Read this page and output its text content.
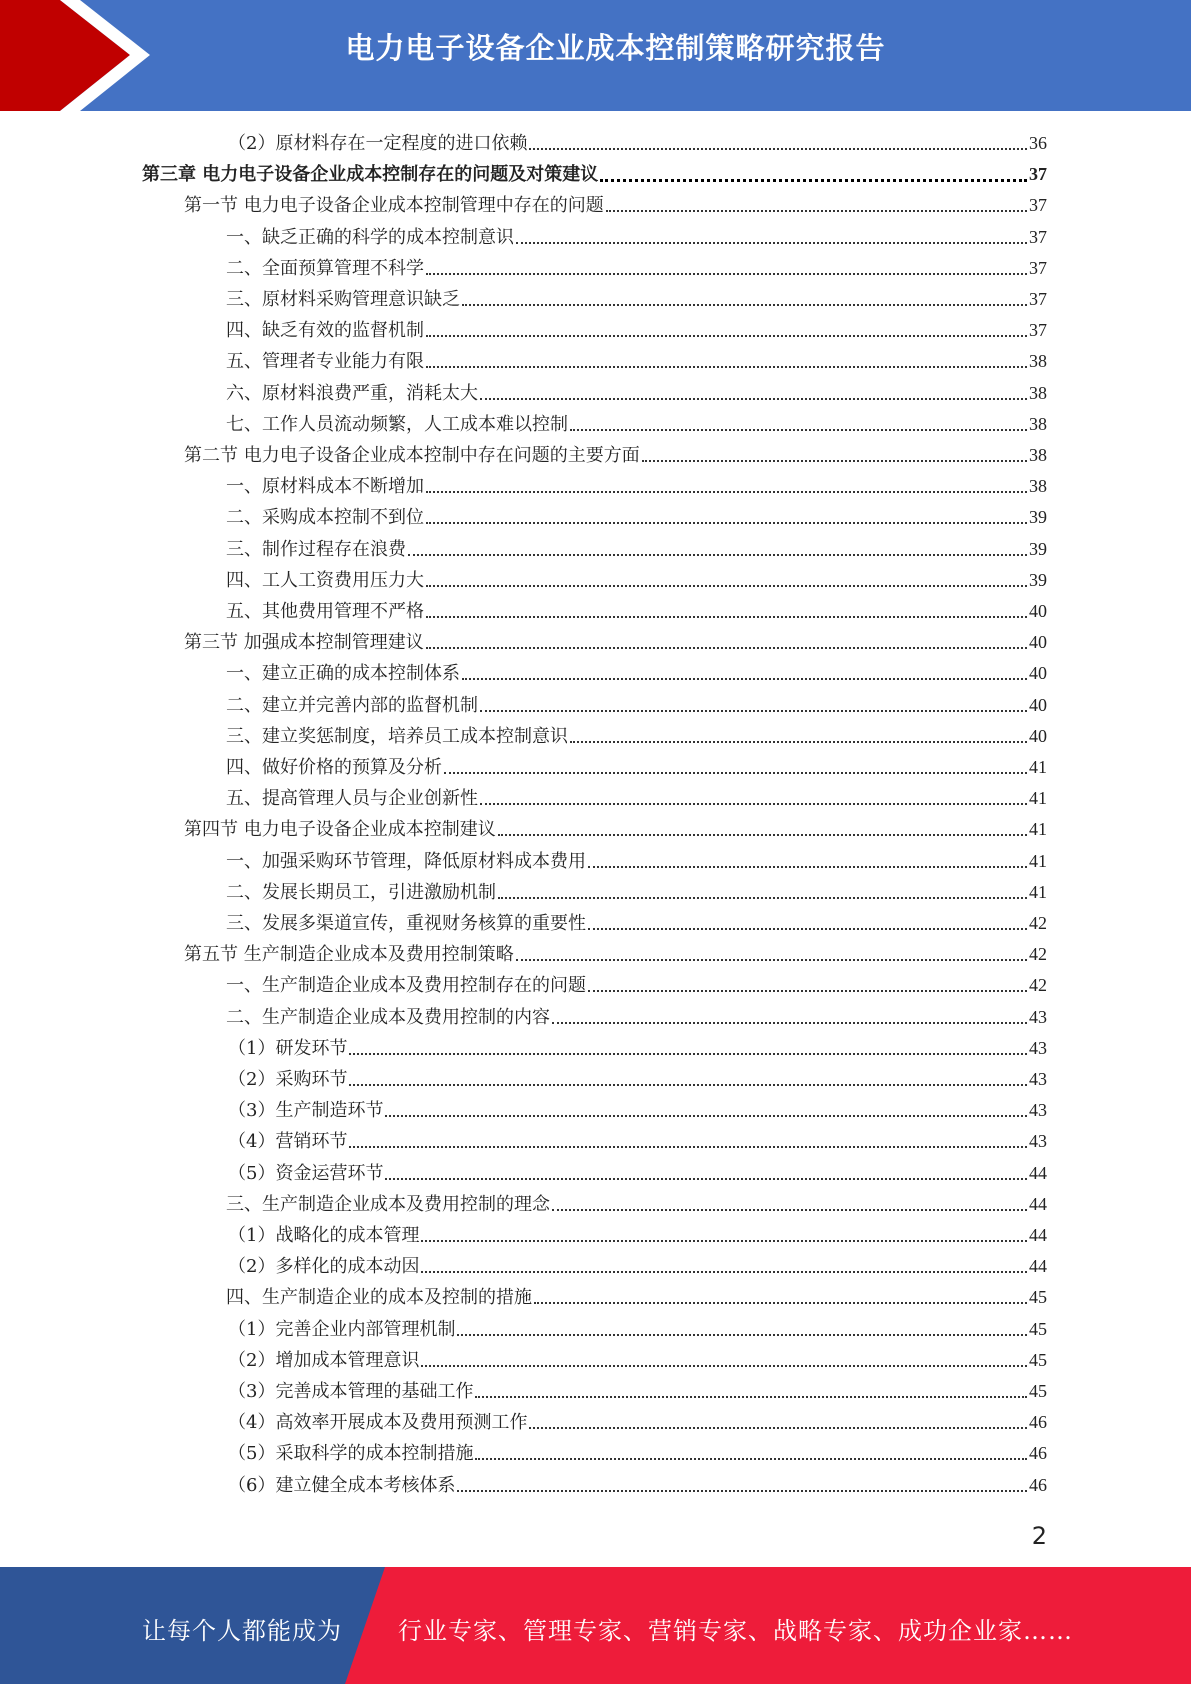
电力电子设备企业成本控制策略研究报告
（2）原材料存在一定程度的进口依赖	36
第三章 电力电子设备企业成本控制存在的问题及对策建议	37
第一节 电力电子设备企业成本控制管理中存在的问题	37
一、缺乏正确的科学的成本控制意识	37
二、全面预算管理不科学	37
三、原材料采购管理意识缺乏	37
四、缺乏有效的监督机制	37
五、管理者专业能力有限	38
六、原材料浪费严重，消耗太大	38
七、工作人员流动频繁，人工成本难以控制	38
第二节 电力电子设备企业成本控制中存在问题的主要方面	38
一、原材料成本不断增加	38
二、采购成本控制不到位	39
三、制作过程存在浪费	39
四、工人工资费用压力大	39
五、其他费用管理不严格	40
第三节 加强成本控制管理建议	40
一、建立正确的成本控制体系	40
二、建立并完善内部的监督机制	40
三、建立奖惩制度，培养员工成本控制意识	40
四、做好价格的预算及分析	41
五、提高管理人员与企业创新性	41
第四节 电力电子设备企业成本控制建议	41
一、加强采购环节管理，降低原材料成本费用	41
二、发展长期员工，引进激励机制	41
三、发展多渠道宣传，重视财务核算的重要性	42
第五节 生产制造企业成本及费用控制策略	42
一、生产制造企业成本及费用控制存在的问题	42
二、生产制造企业成本及费用控制的内容	43
（1）研发环节	43
（2）采购环节	43
（3）生产制造环节	43
（4）营销环节	43
（5）资金运营环节	44
三、生产制造企业成本及费用控制的理念	44
（1）战略化的成本管理	44
（2）多样化的成本动因	44
四、生产制造企业的成本及控制的措施	45
（1）完善企业内部管理机制	45
（2）增加成本管理意识	45
（3）完善成本管理的基础工作	45
（4）高效率开展成本及费用预测工作	46
（5）采取科学的成本控制措施	46
（6）建立健全成本考核体系	46
2
让每个人都能成为 行业专家、管理专家、营销专家、战略专家、成功企业家……
